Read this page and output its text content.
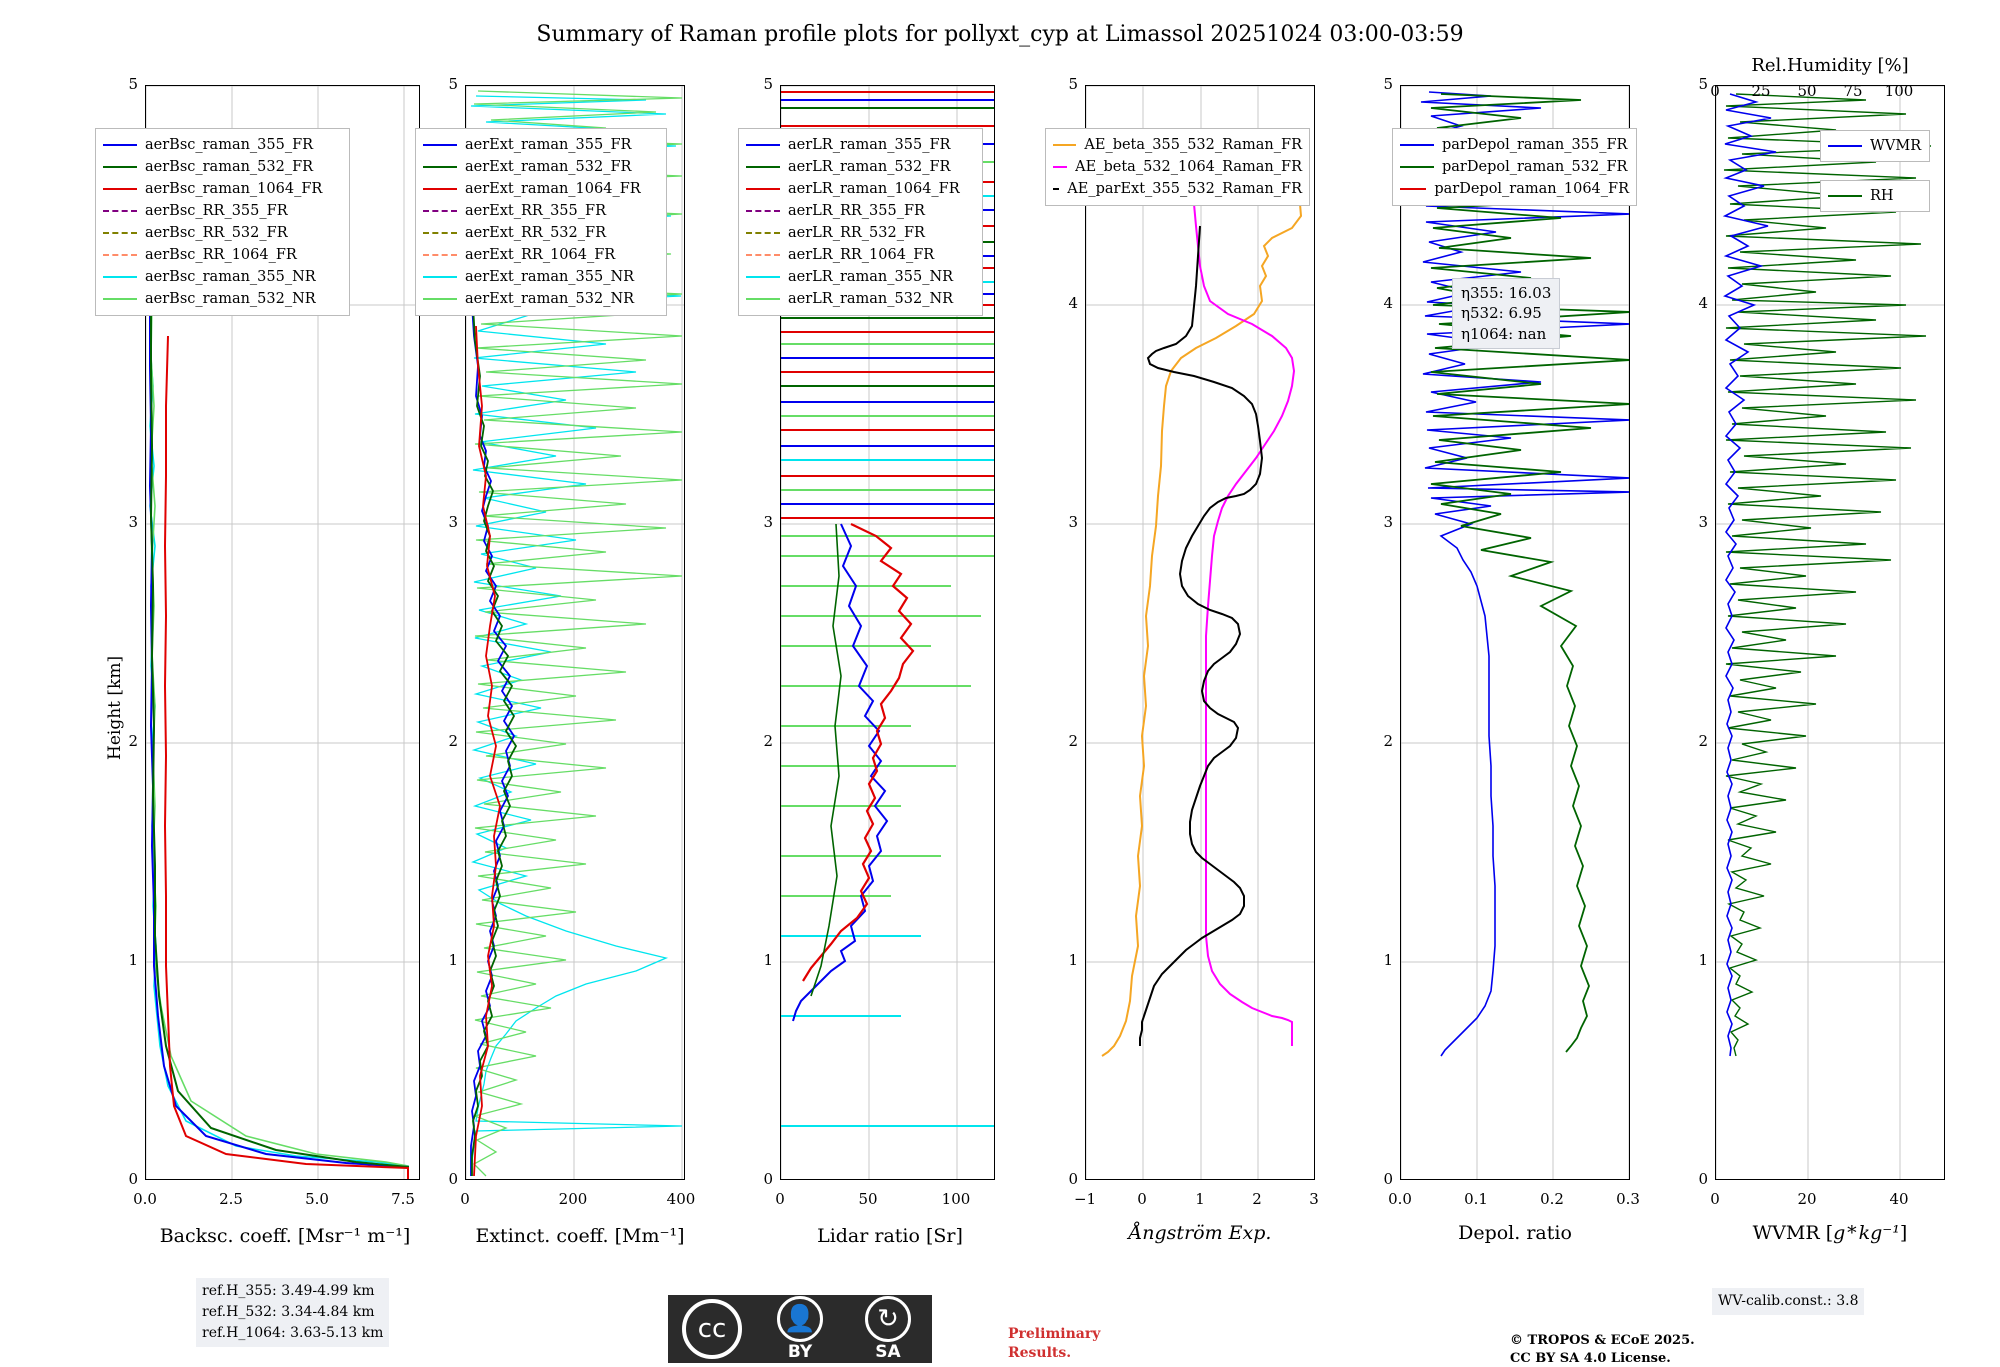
Summary of Raman profile plots for pollyxt_cyp at Limassol 20251024 03:00-03:59
Height [km]
5
3
2
1
0
0.0	2.5	5.0	7.5
Backsc. coeff. [Msr⁻¹ m⁻¹]
aerBsc_raman_355_FR
aerBsc_raman_532_FR
aerBsc_raman_1064_FR
aerBsc_RR_355_FR
aerBsc_RR_532_FR
aerBsc_RR_1064_FR
aerBsc_raman_355_NR
aerBsc_raman_532_NR
5
3
2
1
0
0	200	400
Extinct. coeff. [Mm⁻¹]
aerExt_raman_355_FR
aerExt_raman_532_FR
aerExt_raman_1064_FR
aerExt_RR_355_FR
aerExt_RR_532_FR
aerExt_RR_1064_FR
aerExt_raman_355_NR
aerExt_raman_532_NR
5
3
2
1
0
0	50	100
Lidar ratio [Sr]
aerLR_raman_355_FR
aerLR_raman_532_FR
aerLR_raman_1064_FR
aerLR_RR_355_FR
aerLR_RR_532_FR
aerLR_RR_1064_FR
aerLR_raman_355_NR
aerLR_raman_532_NR
5
4
3
2
1
0
−1	0	1	2	3
Ångström Exp.
AE_beta_355_532_Raman_FR
AE_beta_532_1064_Raman_FR
AE_parExt_355_532_Raman_FR
5
4
3
2
1
0
0.0	0.1	0.2	0.3
Depol. ratio
parDepol_raman_355_FR
parDepol_raman_532_FR
parDepol_raman_1064_FR
η355: 16.03
η532: 6.95
η1064: nan
5
4
3
2
1
0
0	20	40
WVMR [g * kg⁻¹]
Rel.Humidity [%]
0	25	50	75	100
WVMR
RH
ref.H_355: 3.49-4.99 km
ref.H_532: 3.34-4.84 km
ref.H_1064: 3.63-5.13 km
WV-calib.const.: 3.8
Preliminary
Results.
© TROPOS & ECoE 2025.
CC BY SA 4.0 License.
cc	👤
BY
↻
SA
